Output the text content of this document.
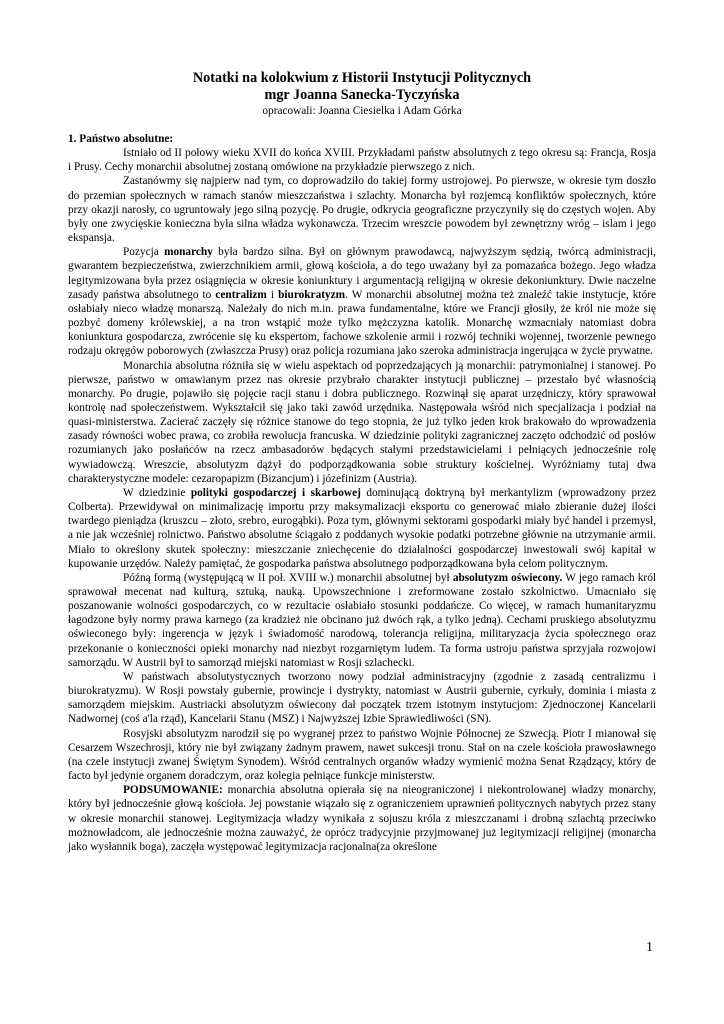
Notatki na kolokwium z Historii Instytucji Politycznych
mgr Joanna Sanecka-Tyczyńska
opracowali: Joanna Ciesielka i Adam Górka
1. Państwo absolutne:

Istniało od II połowy wieku XVII do końca XVIII. Przykładami państw absolutnych z tego okresu są: Francja, Rosja i Prusy. Cechy monarchii absolutnej zostaną omówione na przykładzie pierwszego z nich.

Zastanówmy się najpierw nad tym, co doprowadziło do takiej formy ustrojowej. Po pierwsze, w okresie tym doszło do przemian społecznych w ramach stanów mieszczaństwa i szlachty. Monarcha był rozjemcą konfliktów społecznych, które przy okazji narosły, co ugruntowały jego silną pozycję. Po drugie, odkrycia geograficzne przyczyniły się do częstych wojen. Aby były one zwycięskie konieczna była silna władza wykonawcza. Trzecim wreszcie powodem był zewnętrzny wróg – islam i jego ekspansja.

Pozycja monarchy była bardzo silna. Był on głównym prawodawcą, najwyższym sędzią, twórcą administracji, gwarantem bezpieczeństwa, zwierzchnikiem armii, głową kościoła, a do tego uważany był za pomazańca bożego. Jego władza legitymizowana była przez osiągnięcia w okresie koniunktury i argumentacją religijną w okresie dekoniunktury. Dwie naczelne zasady państwa absolutnego to centralizm i biurokratyzm. W monarchii absolutnej można też znaleźć takie instytucje, które osłabiały nieco władzę monarszą. Należały do nich m.in. prawa fundamentalne, które we Francji głosiły, że król nie może się pozbyć domeny królewskiej, a na tron wstąpić może tylko mężczyzna katolik. Monarchę wzmacniały natomiast dobra koniunktura gospodarcza, zwrócenie się ku ekspertom, fachowe szkolenie armii i rozwój techniki wojennej, tworzenie pewnego rodzaju okręgów poborowych (zwłaszcza Prusy) oraz policja rozumiana jako szeroka administracja ingerująca w życie prywatne.

Monarchia absolutna różniła się w wielu aspektach od poprzedzających ją monarchii: patrymonialnej i stanowej. Po pierwsze, państwo w omawianym przez nas okresie przybrało charakter instytucji publicznej – przestało być własnością monarchy. Po drugie, pojawiło się pojęcie racji stanu i dobra publicznego. Rozwinął się aparat urzędniczy, który sprawował kontrolę nad społeczeństwem. Wykształcił się jako taki zawód urzędnika. Następowała wśród nich specjalizacja i podział na quasi-ministerstwa. Zacierać zaczęły się różnice stanowe do tego stopnia, że już tylko jeden krok brakowało do wprowadzenia zasady równości wobec prawa, co zrobiła rewolucja francuska. W dziedzinie polityki zagranicznej zaczęto odchodzić od posłów rozumianych jako posłańców na rzecz ambasadorów będących stałymi przedstawicielami i pełniących jednocześnie rolę wywiadowczą. Wreszcie, absolutyzm dążył do podporządkowania sobie struktury kościelnej. Wyróżniamy tutaj dwa charakterystyczne modele: cezaropapizm (Bizancjum) i józefinizm (Austria).

W dziedzinie polityki gospodarczej i skarbowej dominującą doktryną był merkantylizm (wprowadzony przez Colberta). Przewidywał on minimalizację importu przy maksymalizacji eksportu co generować miało zbieranie dużej ilości twardego pieniądza (kruszcu – złoto, srebro, eurogąbki). Poza tym, głównymi sektorami gospodarki miały być handel i przemysł, a nie jak wcześniej rolnictwo. Państwo absolutne ściągało z poddanych wysokie podatki potrzebne głównie na utrzymanie armii. Miało to określony skutek społeczny: mieszczanie zniechęcenie do działalności gospodarczej inwestowali swój kapitał w kupowanie urzędów. Należy pamiętać, że gospodarka państwa absolutnego podporządkowana była celom politycznym.

Późną formą (występującą w II poł. XVIII w.) monarchii absolutnej był absolutyzm oświecony. W jego ramach król sprawował mecenat nad kulturą, sztuką, nauką. Upowszechnione i zreformowane zostało szkolnictwo. Umacniało się poszanowanie wolności gospodarczych, co w rezultacie osłabiało stosunki poddańcze. Co więcej, w ramach humanitaryzmu łagodzone były normy prawa karnego (za kradzież nie obcinano już dwóch rąk, a tylko jedną). Cechami pruskiego absolutyzmu oświeconego były: ingerencja w język i świadomość narodową, tolerancja religijna, militaryzacja życia społecznego oraz przekonanie o konieczności opieki monarchy nad niezbyt rozgarniętym ludem. Ta forma ustroju państwa sprzyjała rozwojowi samorządu. W Austrii był to samorząd miejski natomiast w Rosji szlachecki.

W państwach absolutystycznych tworzono nowy podział administracyjny (zgodnie z zasadą centralizmu i biurokratyzmu). W Rosji powstały gubernie, prowincje i dystrykty, natomiast w Austrii gubernie, cyrkuły, dominia i miasta z samorządem miejskim. Austriacki absolutyzm oświecony dał początek trzem istotnym instytucjom: Zjednoczonej Kancelarii Nadwornej (coś a'la rząd), Kancelarii Stanu (MSZ) i Najwyższej Izbie Sprawiedliwości (SN).

Rosyjski absolutyzm narodził się po wygranej przez to państwo Wojnie Północnej ze Szwecją. Piotr I mianował się Cesarzem Wszechrosji, który nie był związany żadnym prawem, nawet sukcesji tronu. Stał on na czele kościoła prawosławnego (na czele instytucji zwanej Świętym Synodem). Wśród centralnych organów władzy wymienić można Senat Rządzący, który de facto był jedynie organem doradczym, oraz kolegia pełniące funkcje ministerstw.

PODSUMOWANIE: monarchia absolutna opierała się na nieograniczonej i niekontrolowanej władzy monarchy, który był jednocześnie głową kościoła. Jej powstanie wiązało się z ograniczeniem uprawnień politycznych nabytych przez stany w okresie monarchii stanowej. Legitymizacja władzy wynikała z sojuszu króla z mieszczanami i drobną szlachtą przeciwko możnowładcom, ale jednocześnie można zauważyć, że oprócz tradycyjnie przyjmowanej już legitymizacji religijnej (monarcha jako wysłannik boga), zaczęła występować legitymizacja racjonalna(za określone

1
